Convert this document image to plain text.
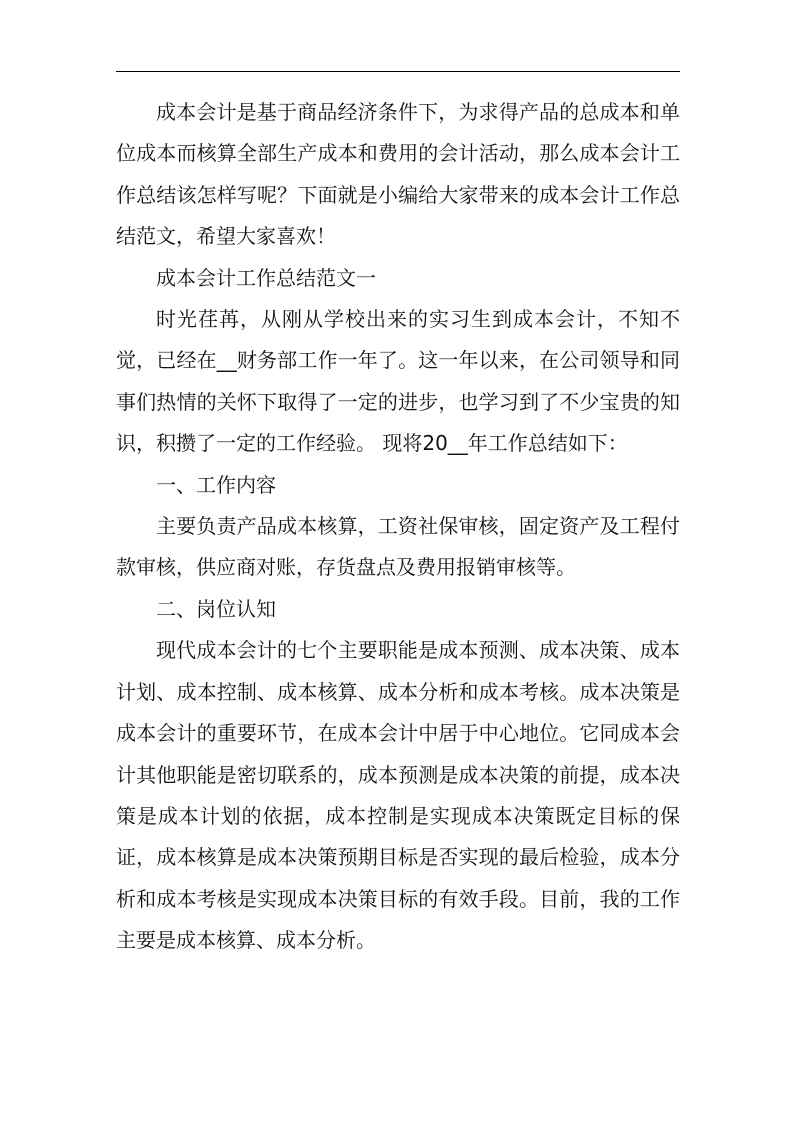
成本会计是基于商品经济条件下，为求得产品的总成本和单位成本而核算全部生产成本和费用的会计活动，那么成本会计工作总结该怎样写呢？下面就是小编给大家带来的成本会计工作总结范文，希望大家喜欢！

成本会计工作总结范文一

时光荏苒，从刚从学校出来的实习生到成本会计，不知不觉，已经在__财务部工作一年了。这一年以来，在公司领导和同事们热情的关怀下取得了一定的进步，也学习到了不少宝贵的知识，积攒了一定的工作经验。 现将20__年工作总结如下：

一、工作内容

主要负责产品成本核算，工资社保审核，固定资产及工程付款审核，供应商对账，存货盘点及费用报销审核等。

二、岗位认知

现代成本会计的七个主要职能是成本预测、成本决策、成本计划、成本控制、成本核算、成本分析和成本考核。成本决策是成本会计的重要环节，在成本会计中居于中心地位。它同成本会计其他职能是密切联系的，成本预测是成本决策的前提，成本决策是成本计划的依据，成本控制是实现成本决策既定目标的保证，成本核算是成本决策预期目标是否实现的最后检验，成本分析和成本考核是实现成本决策目标的有效手段。目前，我的工作主要是成本核算、成本分析。
